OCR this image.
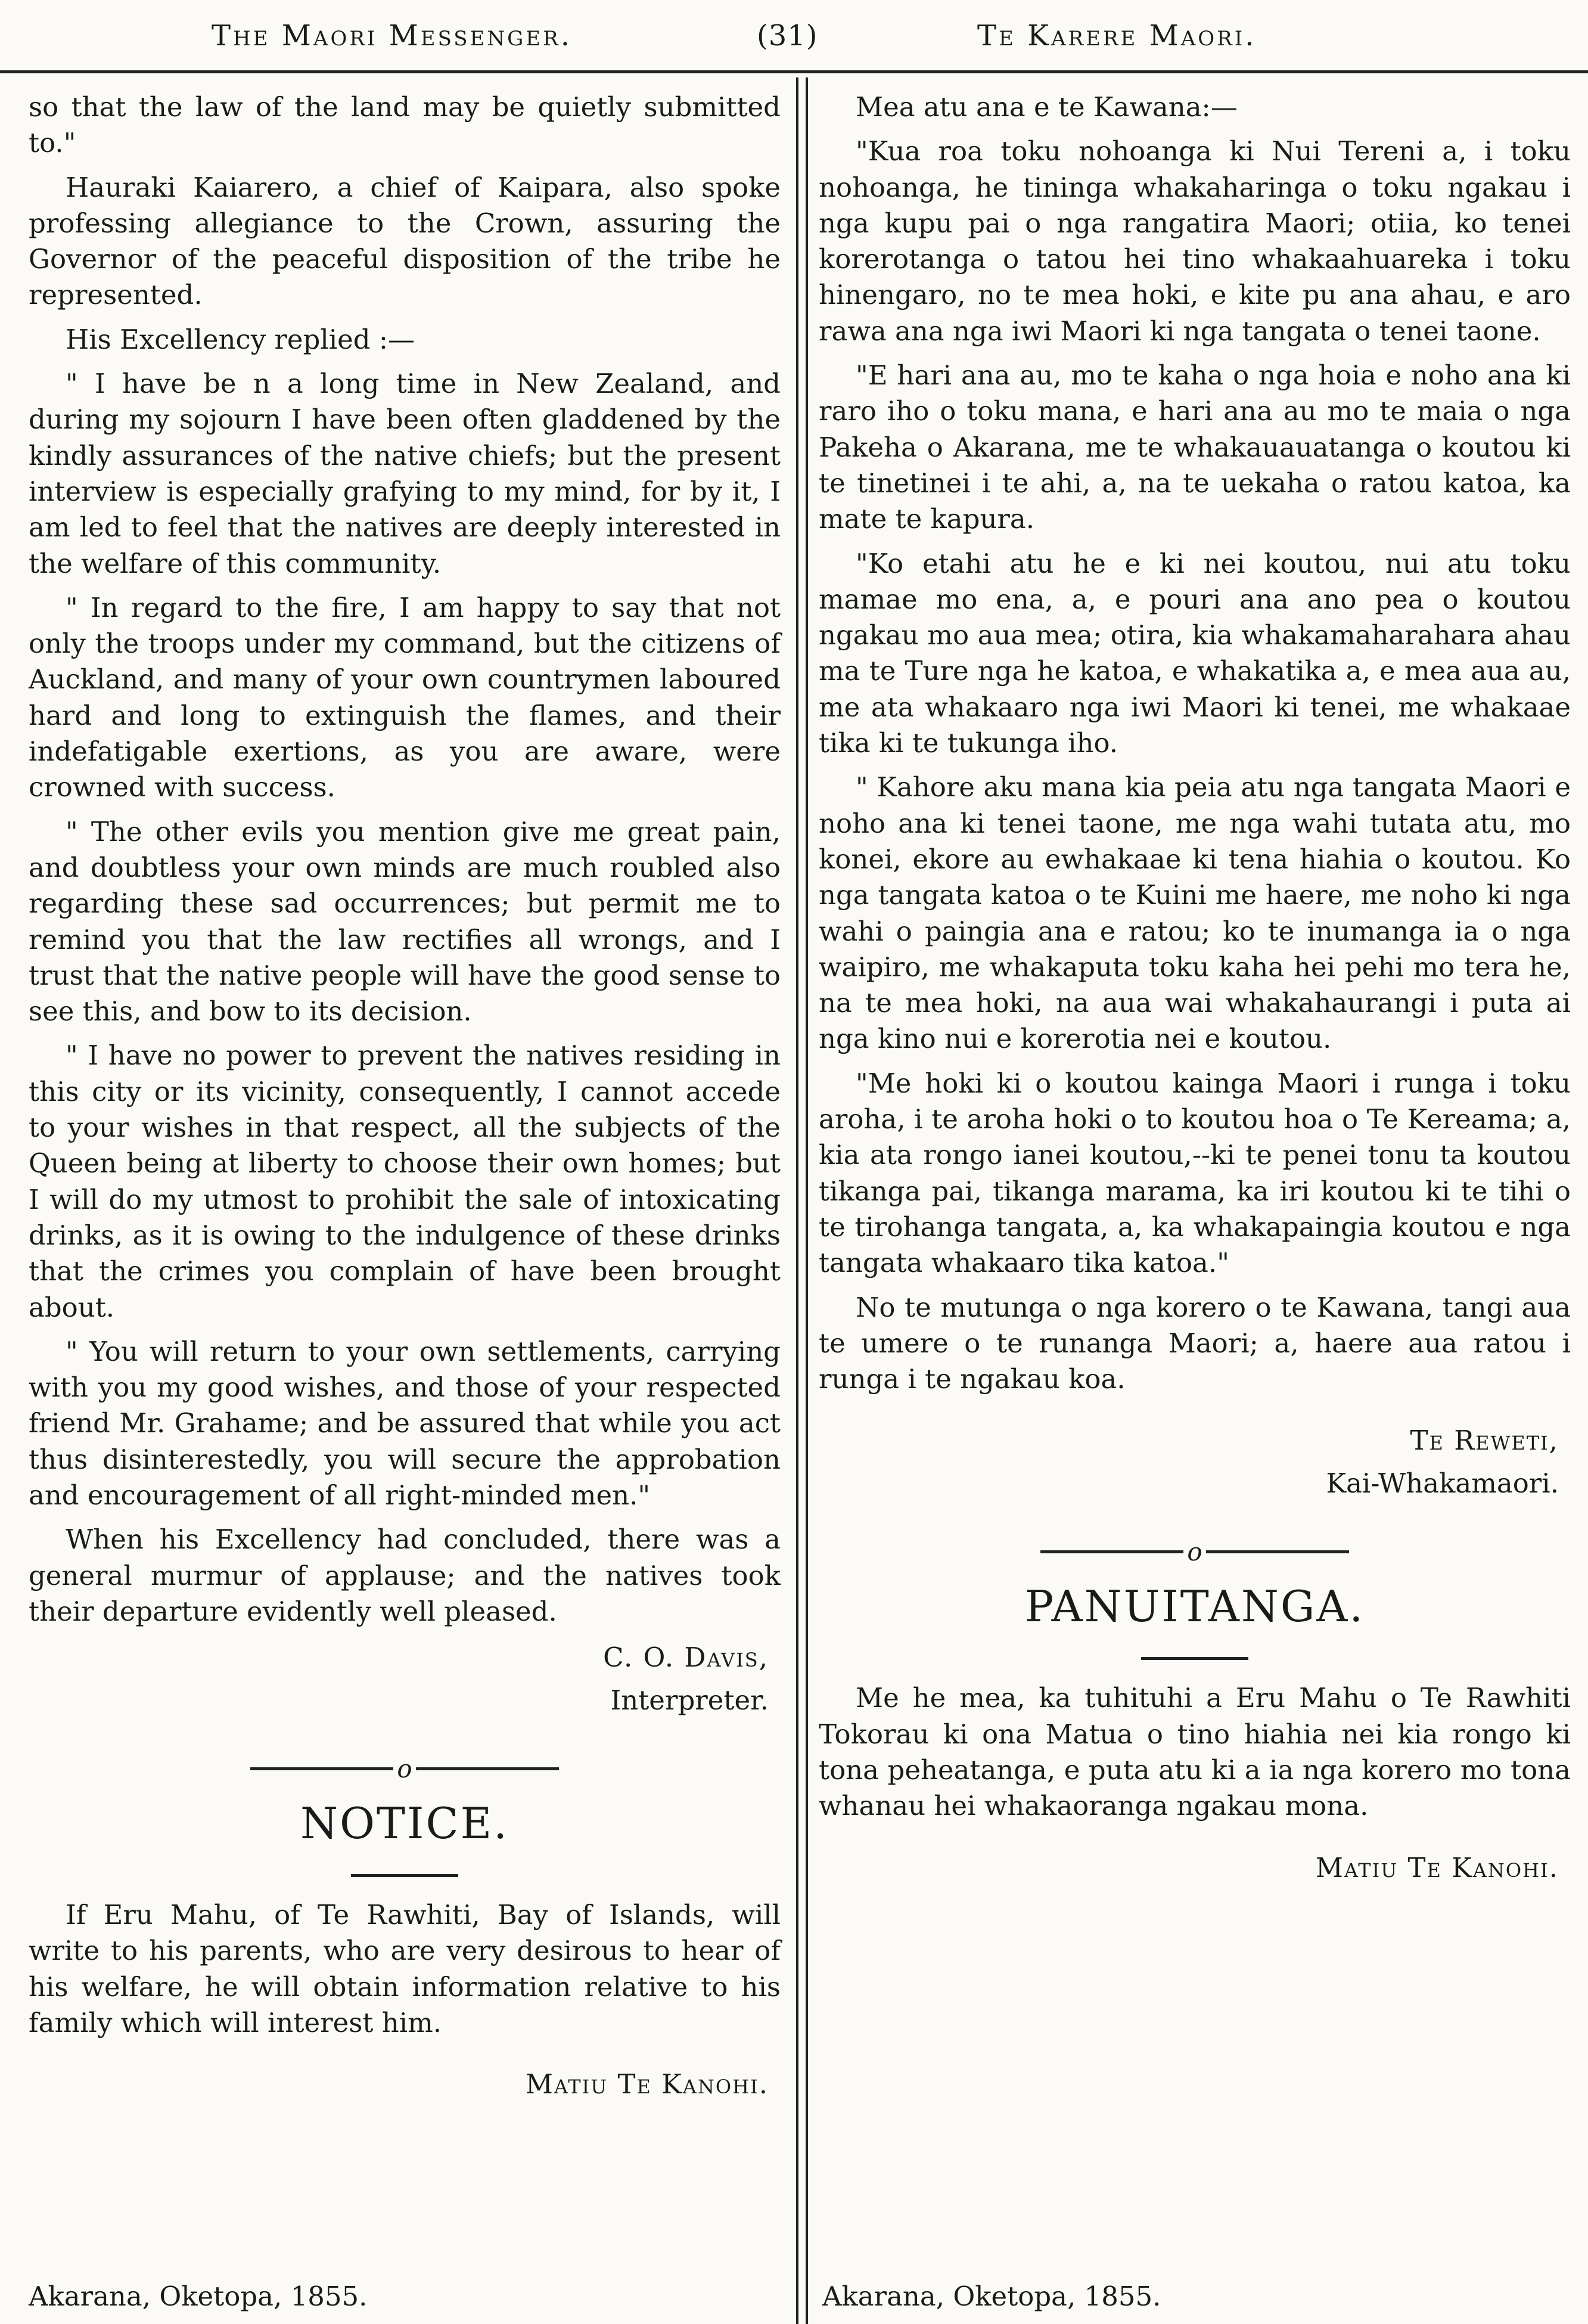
The Maori Messenger.	(31)	Te Karere Maori.

so that the law of the land may be quietly submitted to."

Hauraki Kaiarero, a chief of Kaipara, also spoke professing allegiance to the Crown, assuring the Governor of the peaceful disposition of the tribe he represented.

His Excellency replied :—

" I have be n a long time in New Zealand, and during my sojourn I have been often gladdened by the kindly assurances of the native chiefs; but the present interview is especially grafying to my mind, for by it, I am led to feel that the natives are deeply interested in the welfare of this community.

" In regard to the fire, I am happy to say that not only the troops under my command, but the citizens of Auckland, and many of your own countrymen laboured hard and long to extinguish the flames, and their indefatigable exertions, as you are aware, were crowned with success.

" The other evils you mention give me great pain, and doubtless your own minds are much roubled also regarding these sad occurrences; but permit me to remind you that the law rectifies all wrongs, and I trust that the native people will have the good sense to see this, and bow to its decision.

" I have no power to prevent the natives residing in this city or its vicinity, consequently, I cannot accede to your wishes in that respect, all the subjects of the Queen being at liberty to choose their own homes; but I will do my utmost to prohibit the sale of intoxicating drinks, as it is owing to the indulgence of these drinks that the crimes you complain of have been brought about.

" You will return to your own settlements, carrying with you my good wishes, and those of your respected friend Mr. Grahame; and be assured that while you act thus disinterestedly, you will secure the approbation and encouragement of all right-minded men."

When his Excellency had concluded, there was a general murmur of applause; and the natives took their departure evidently well pleased.

C. O. Davis,
Interpreter.
o
NOTICE.

If Eru Mahu, of Te Rawhiti, Bay of Islands, will write to his parents, who are very desirous to hear of his welfare, he will obtain information relative to his family which will interest him.

Matiu Te Kanohi.

Mea atu ana e te Kawana:—

"Kua roa toku nohoanga ki Nui Tereni a, i toku nohoanga, he tininga whakaharinga o toku ngakau i nga kupu pai o nga rangatira Maori; otiia, ko tenei korerotanga o tatou hei tino whakaahuareka i toku hinengaro, no te mea hoki, e kite pu ana ahau, e aro rawa ana nga iwi Maori ki nga tangata o tenei taone.

"E hari ana au, mo te kaha o nga hoia e noho ana ki raro iho o toku mana, e hari ana au mo te maia o nga Pakeha o Akarana, me te whakauauatanga o koutou ki te tinetinei i te ahi, a, na te uekaha o ratou katoa, ka mate te kapura.

"Ko etahi atu he e ki nei koutou, nui atu toku mamae mo ena, a, e pouri ana ano pea o koutou ngakau mo aua mea; otira, kia whakamaharahara ahau ma te Ture nga he katoa, e whakatika a, e mea aua au, me ata whakaaro nga iwi Maori ki tenei, me whakaae tika ki te tukunga iho.

" Kahore aku mana kia peia atu nga tangata Maori e noho ana ki tenei taone, me nga wahi tutata atu, mo konei, ekore au ewhakaae ki tena hiahia o koutou. Ko nga tangata katoa o te Kuini me haere, me noho ki nga wahi o paingia ana e ratou; ko te inumanga ia o nga waipiro, me whakaputa toku kaha hei pehi mo tera he, na te mea hoki, na aua wai whakahaurangi i puta ai nga kino nui e korerotia nei e koutou.

"Me hoki ki o koutou kainga Maori i runga i toku aroha, i te aroha hoki o to koutou hoa o Te Kereama; a, kia ata rongo ianei koutou,--ki te penei tonu ta koutou tikanga pai, tikanga marama, ka iri koutou ki te tihi o te tirohanga tangata, a, ka whakapaingia koutou e nga tangata whakaaro tika katoa."

No te mutunga o nga korero o te Kawana, tangi aua te umere o te runanga Maori; a, haere aua ratou i runga i te ngakau koa.

Te Reweti,
Kai-Whakamaori.
o
PANUITANGA.

Me he mea, ka tuhituhi a Eru Mahu o Te Rawhiti Tokorau ki ona Matua o tino hiahia nei kia rongo ki tona peheatanga, e puta atu ki a ia nga korero mo tona whanau hei whakaoranga ngakau mona.

Matiu Te Kanohi.
Akarana, Oketopa, 1855.	Akarana, Oketopa, 1855.
